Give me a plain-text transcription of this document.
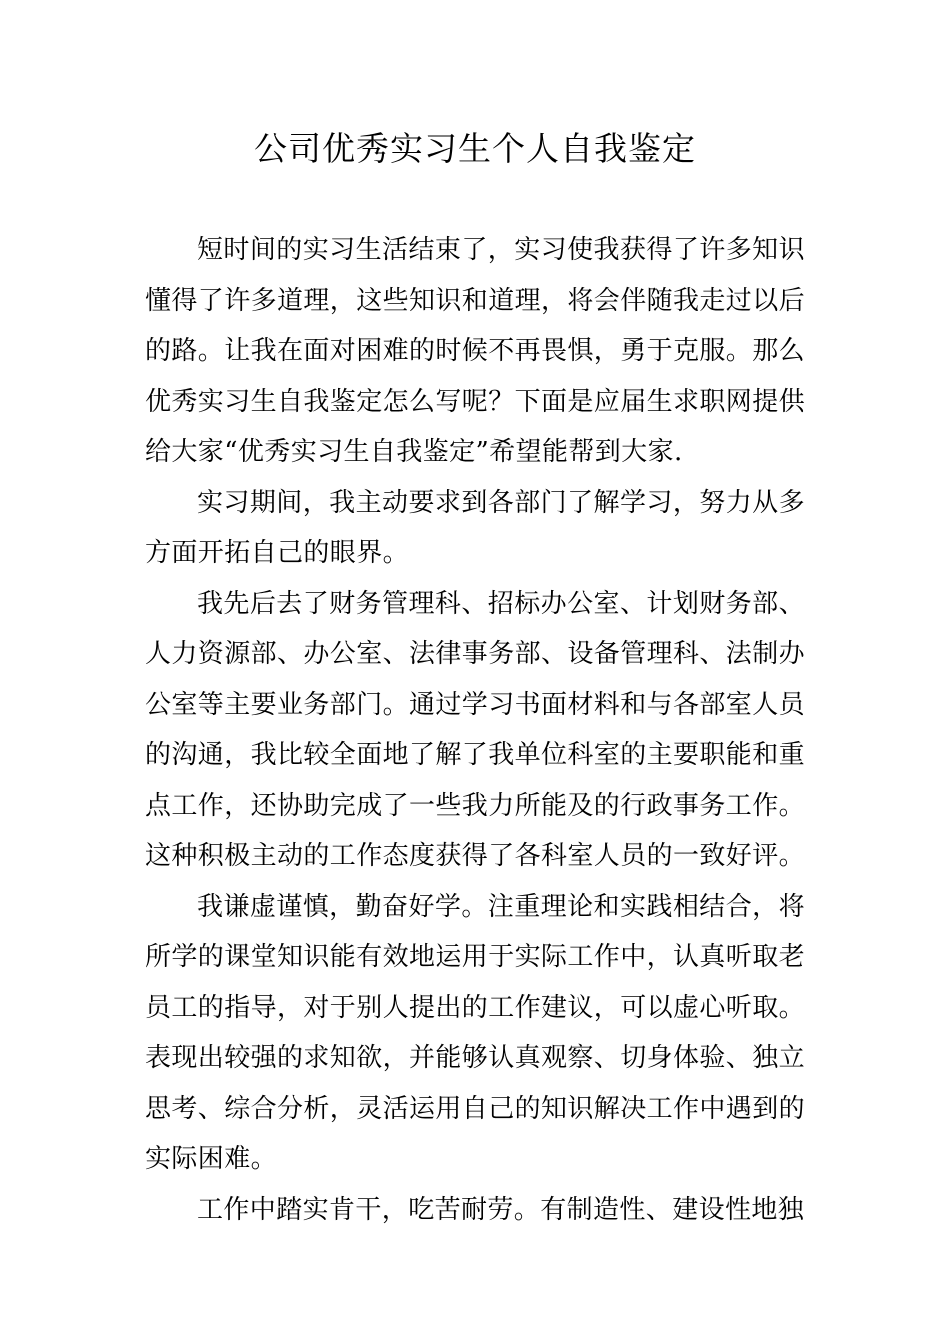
公司优秀实习生个人自我鉴定

短时间的实习生活结束了，实习使我获得了许多知识懂得了许多道理，这些知识和道理，将会伴随我走过以后的路。让我在面对困难的时候不再畏惧，勇于克服。那么优秀实习生自我鉴定怎么写呢？下面是应届生求职网提供给大家“优秀实习生自我鉴定”希望能帮到大家.

实习期间，我主动要求到各部门了解学习，努力从多方面开拓自己的眼界。

我先后去了财务管理科、招标办公室、计划财务部、人力资源部、办公室、法律事务部、设备管理科、法制办公室等主要业务部门。通过学习书面材料和与各部室人员的沟通，我比较全面地了解了我单位科室的主要职能和重点工作，还协助完成了一些我力所能及的行政事务工作。这种积极主动的工作态度获得了各科室人员的一致好评。

我谦虚谨慎，勤奋好学。注重理论和实践相结合，将所学的课堂知识能有效地运用于实际工作中，认真听取老员工的指导，对于别人提出的工作建议，可以虚心听取。表现出较强的求知欲，并能够认真观察、切身体验、独立思考、综合分析，灵活运用自己的知识解决工作中遇到的实际困难。

工作中踏实肯干，吃苦耐劳。有制造性、建设性地独
